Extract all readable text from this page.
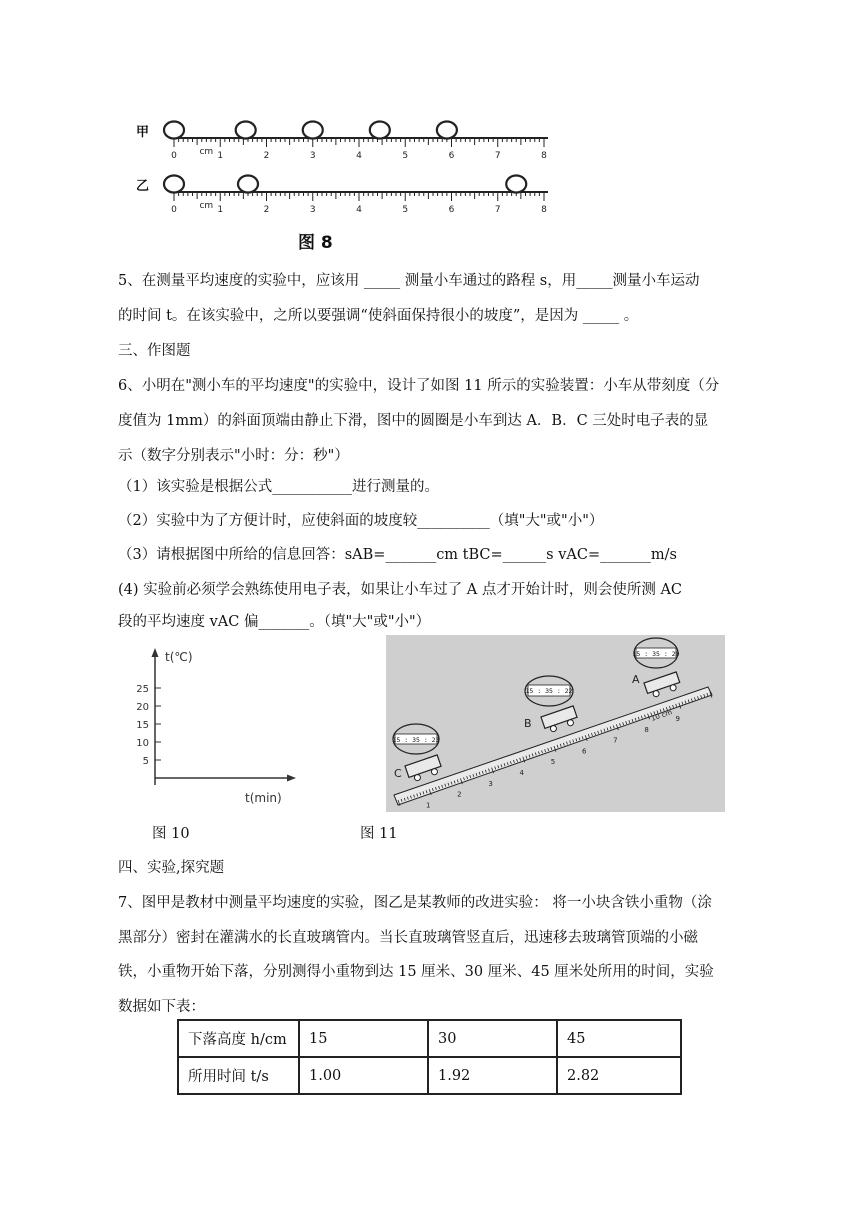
甲
乙
0	1	2	3	4	5	6	7	8
cm
0	1	2	3	4	5	6	7	8
cm
图 8
5、在测量平均速度的实验中，应该用 _____ 测量小车通过的路程 s，用_____测量小车运动
的时间 t。在该实验中，之所以要强调“使斜面保持很小的坡度”，是因为 _____ 。
三、作图题
6、小明在"测小车的平均速度"的实验中，设计了如图 11 所示的实验装置：小车从带刻度（分
度值为 1mm）的斜面顶端由静止下滑，图中的圆圈是小车到达 A．B．C 三处时电子表的显
示（数字分别表示"小时：分：秒"）
（1）该实验是根据公式___________进行测量的。
（2）实验中为了方便计时，应使斜面的坡度较__________（填"大"或"小"）
（3）请根据图中所给的信息回答：sAB=_______cm tBC=______s vAC=_______m/s
(4) 实验前必须学会熟练使用电子表，如果让小车过了 A 点才开始计时，则会使所测 AC
段的平均速度 vAC 偏_______。（填"大"或"小"）
t(℃)
t(min)
25
20
15
10
5
1
2
3
4
5
6
7
8
9
15 : 35 : 20
15 : 35 : 22
15 : 35 : 23
A
B
C
10 cm
图 10	图 11
四、实验,探究题
7、图甲是教材中测量平均速度的实验，图乙是某教师的改进实验： 将一小块含铁小重物（涂
黑部分）密封在灌满水的长直玻璃管内。当长直玻璃管竖直后，迅速移去玻璃管顶端的小磁
铁，小重物开始下落，分别测得小重物到达 15 厘米、30 厘米、45 厘米处所用的时间，实验
数据如下表：
下落高度 h/cm	15	30	45
所用时间 t/s	1.00	1.92	2.82
